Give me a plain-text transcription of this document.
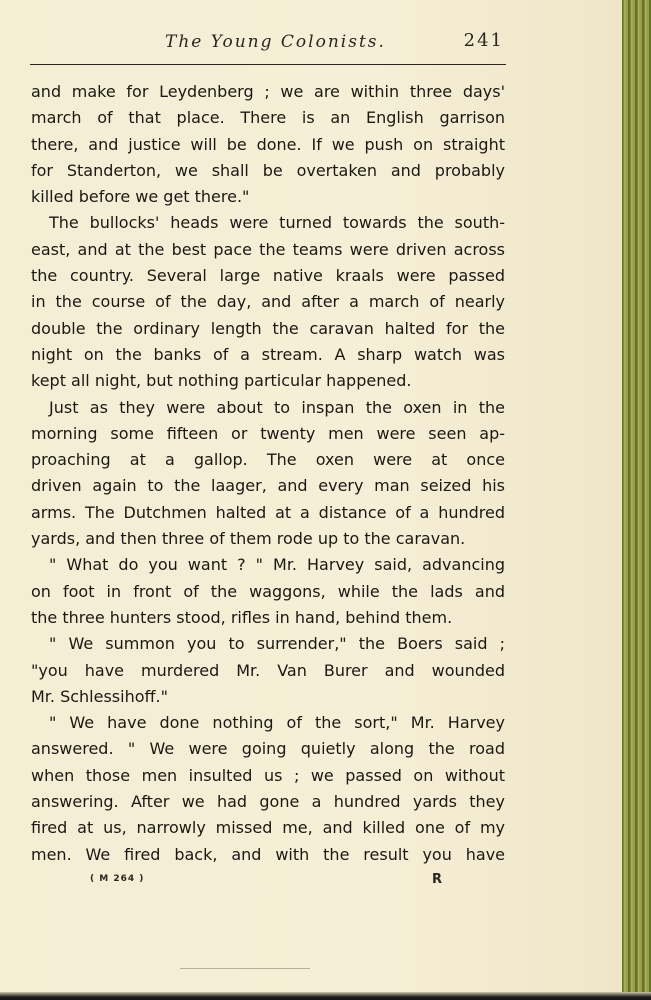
The Young Colonists.	241
and make for Leydenberg ; we are within three days'
march of that place. There is an English garrison
there, and justice will be done. If we push on straight
for Standerton, we shall be overtaken and probably
killed before we get there."
The bullocks' heads were turned towards the south-
east, and at the best pace the teams were driven across
the country. Several large native kraals were passed
in the course of the day, and after a march of nearly
double the ordinary length the caravan halted for the
night on the banks of a stream. A sharp watch was
kept all night, but nothing particular happened.
Just as they were about to inspan the oxen in the
morning some fifteen or twenty men were seen ap-
proaching at a gallop. The oxen were at once
driven again to the laager, and every man seized his
arms. The Dutchmen halted at a distance of a hundred
yards, and then three of them rode up to the caravan.
" What do you want ? " Mr. Harvey said, advancing
on foot in front of the waggons, while the lads and
the three hunters stood, rifles in hand, behind them.
" We summon you to surrender," the Boers said ;
"you have murdered Mr. Van Burer and wounded
Mr. Schlessihoff."
" We have done nothing of the sort," Mr. Harvey
answered. " We were going quietly along the road
when those men insulted us ; we passed on without
answering. After we had gone a hundred yards they
fired at us, narrowly missed me, and killed one of my
men. We fired back, and with the result you have
( M 264 )	R
